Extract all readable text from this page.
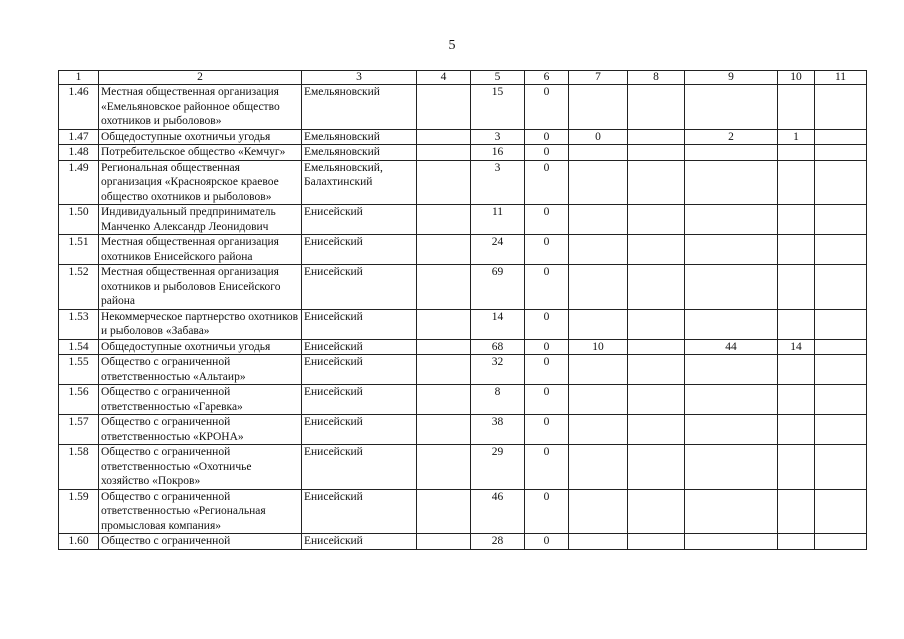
5
1	2	3	4	5	6	7	8	9	10	11
1.46	Местная общественная организация «Емельяновское районное общество охотников и рыболовов»	Емельяновский		15	0					
1.47	Общедоступные охотничьи угодья	Емельяновский		3	0	0		2	1	
1.48	Потребительское общество «Кемчуг»	Емельяновский		16	0					
1.49	Региональная общественная организация «Красноярское краевое общество охотников и рыболовов»	Емельяновский, Балахтинский		3	0					
1.50	Индивидуальный предприниматель Манченко Александр Леонидович	Енисейский		11	0					
1.51	Местная общественная организация охотников Енисейского района	Енисейский		24	0					
1.52	Местная общественная организация охотников и рыболовов Енисейского района	Енисейский		69	0					
1.53	Некоммерческое партнерство охотников и рыболовов «Забава»	Енисейский		14	0					
1.54	Общедоступные охотничьи угодья	Енисейский		68	0	10		44	14	
1.55	Общество с ограниченной ответственностью «Альтаир»	Енисейский		32	0					
1.56	Общество с ограниченной ответственностью «Гаревка»	Енисейский		8	0					
1.57	Общество с ограниченной ответственностью «КРОНА»	Енисейский		38	0					
1.58	Общество с ограниченной ответственностью «Охотничье хозяйство «Покров»	Енисейский		29	0					
1.59	Общество с ограниченной ответственностью «Региональная промысловая компания»	Енисейский		46	0					
1.60	Общество с ограниченной	Енисейский		28	0					
